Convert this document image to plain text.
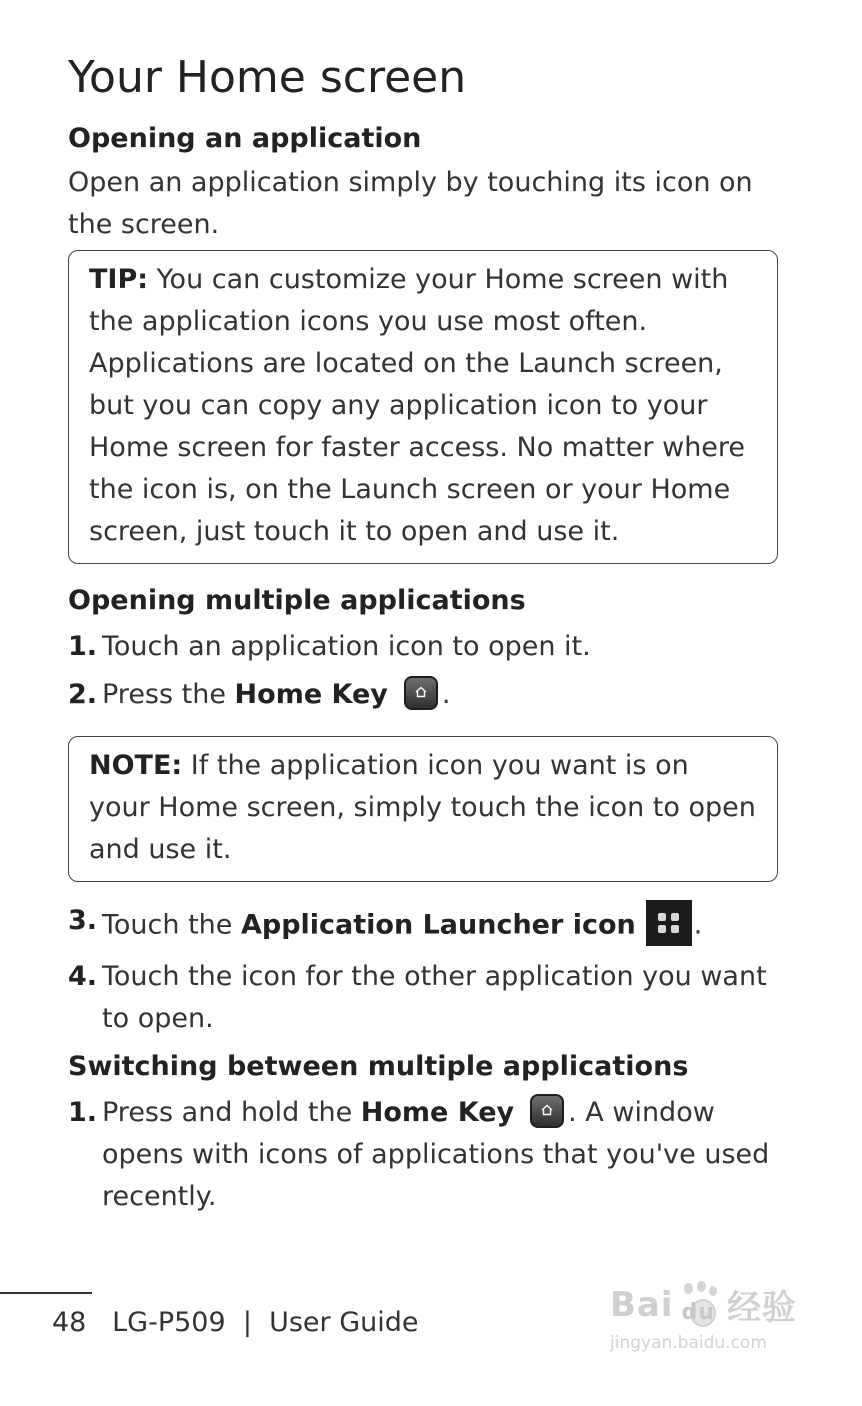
Your Home screen
Opening an application

Open an application simply by touching its icon on the screen.

TIP: You can customize your Home screen with the application icons you use most often. Applications are located on the Launch screen, but you can copy any application icon to your Home screen for faster access. No matter where the icon is, on the Launch screen or your Home screen, just touch it to open and use it.
Opening multiple applications
1. Touch an application icon to open it.
2. Press the Home Key .
NOTE: If the application icon you want is on your Home screen, simply touch the icon to open and use it.
3. Touch the Application Launcher icon .
4. Touch the icon for the other application you want to open.
Switching between multiple applications
1. Press and hold the Home Key . A window opens with icons of applications that you've used recently.
48 LG-P509 | User Guide	Bai du 经验
jingyan.baidu.com
